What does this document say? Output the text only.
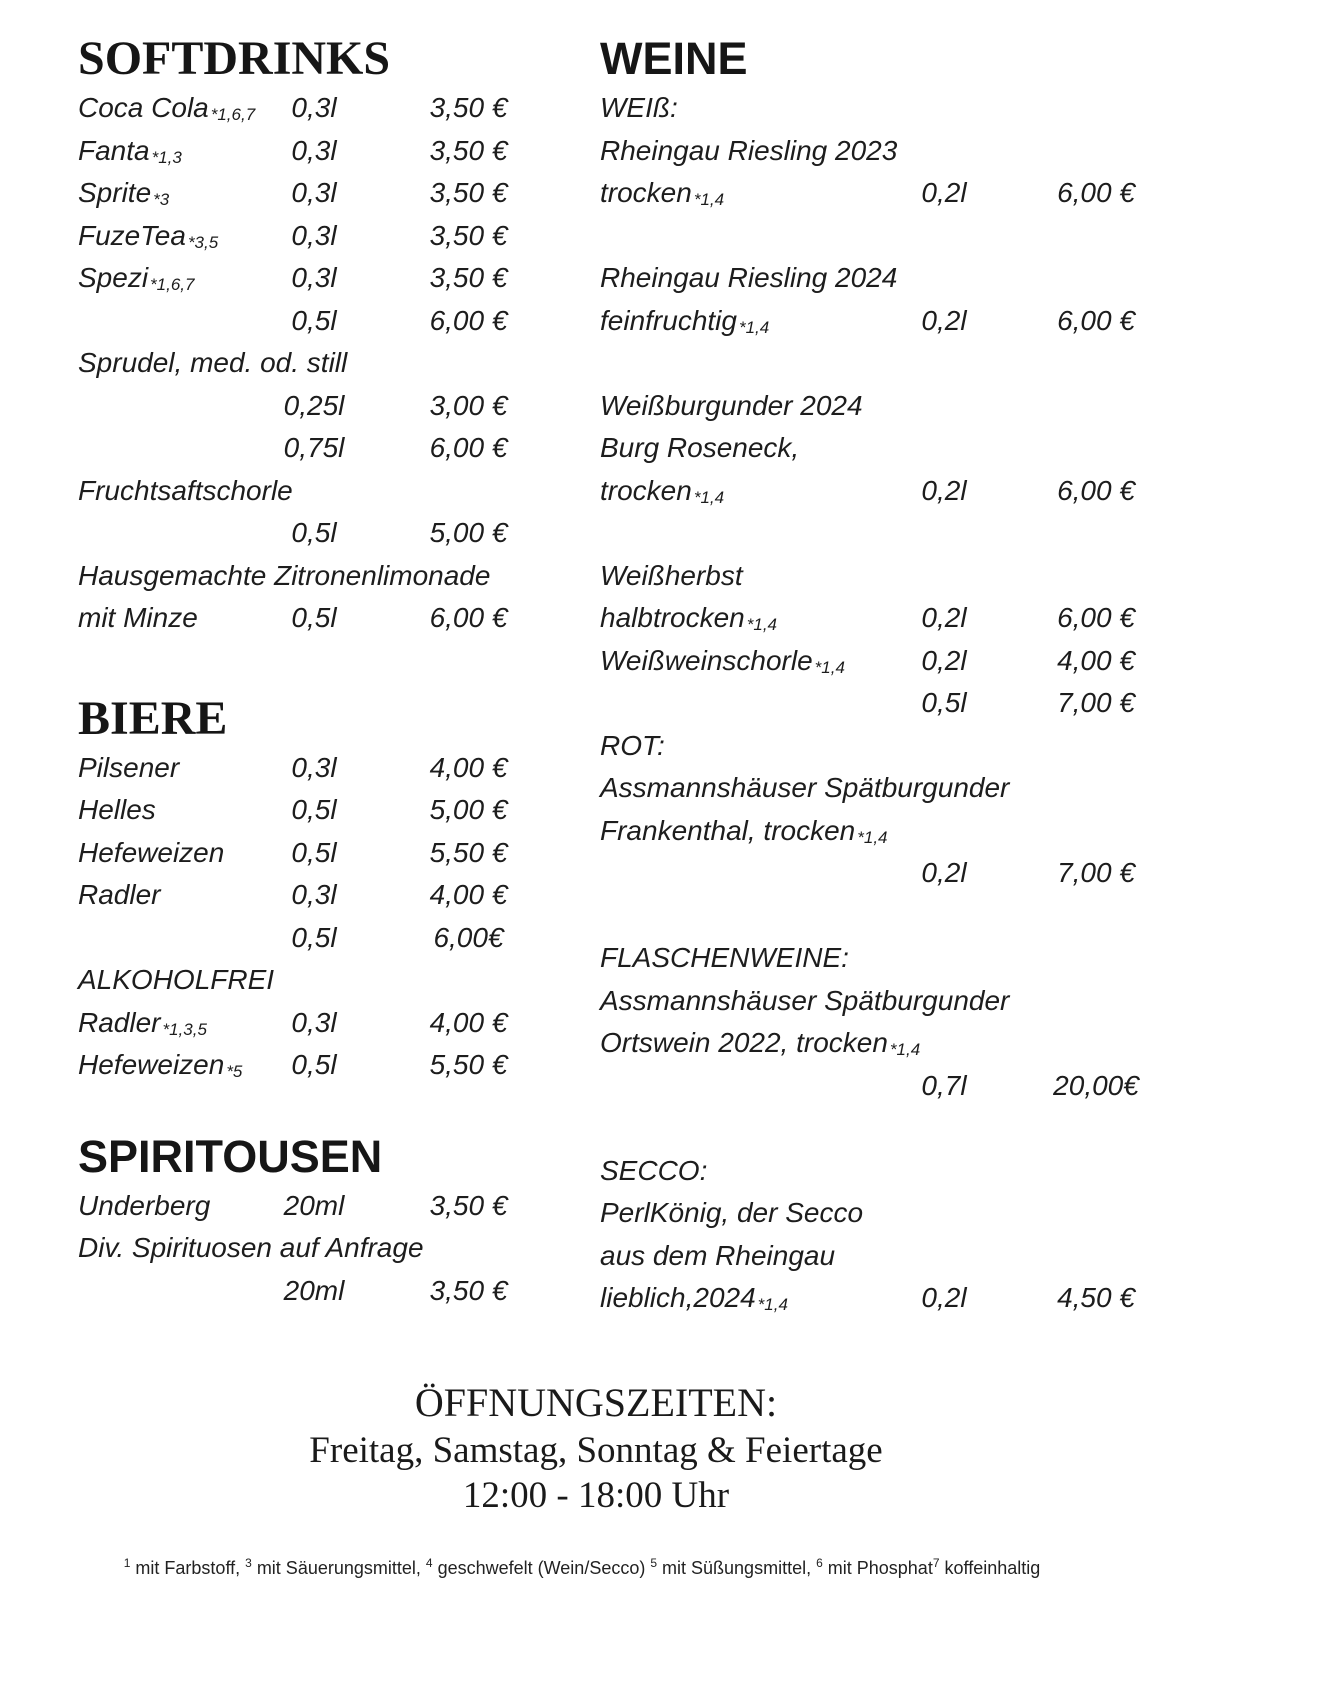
SOFTDRINKS
Coca Cola $^{*1,6,7}$	0,3l	3,50 €
Fanta $^{*1,3}$	0,3l	3,50 €
Sprite $^{*3}$	0,3l	3,50 €
FuzeTea $^{*3,5}$	0,3l	3,50 €
Spezi $^{*1,6,7}$	0,3l	3,50 €
0,5l	6,00 €
Sprudel, med. od. still
0,25l	3,00 €
0,75l	6,00 €
Fruchtsaftschorle
0,5l	5,00 €
Hausgemachte Zitronenlimonade
mit Minze	0,5l	6,00 €
BIERE
Pilsener	0,3l	4,00 €
Helles	0,5l	5,00 €
Hefeweizen	0,5l	5,50 €
Radler	0,3l	4,00 €
0,5l	6,00€
ALKOHOLFREI
Radler $^{*1,3,5}$	0,3l	4,00 €
Hefeweizen $^{*5}$	0,5l	5,50 €
SPIRITOUSEN
Underberg	20ml	3,50 €
Div. Spirituosen auf Anfrage
20ml	3,50 €
WEINE
WEIß:
Rheingau Riesling 2023
trocken $^{*1,4}$	0,2l	6,00 €
Rheingau Riesling 2024
feinfruchtig $^{*1,4}$	0,2l	6,00 €
Weißburgunder 2024
Burg Roseneck,
trocken $^{*1,4}$	0,2l	6,00 €
Weißherbst
halbtrocken $^{*1,4}$	0,2l	6,00 €
Weißweinschorle $^{*1,4}$	0,2l	4,00 €
0,5l	7,00 €
ROT:
Assmannshäuser Spätburgunder
Frankenthal, trocken $^{*1,4}$
0,2l	7,00 €
FLASCHENWEINE:
Assmannshäuser Spätburgunder
Ortswein 2022, trocken $^{*1,4}$
0,7l	20,00€
SECCO:
PerlKönig, der Secco
aus dem Rheingau
lieblich,2024 $^{*1,4}$	0,2l	4,50 €
ÖFFNUNGSZEITEN:
Freitag, Samstag, Sonntag & Feiertage
12:00 - 18:00 Uhr
$^1$ mit Farbstoff, $^3$ mit Säuerungsmittel, $^4$ geschwefelt (Wein/Secco) $^5$ mit Süßungsmittel, $^6$ mit Phosphat$^7$ koffeinhaltig
